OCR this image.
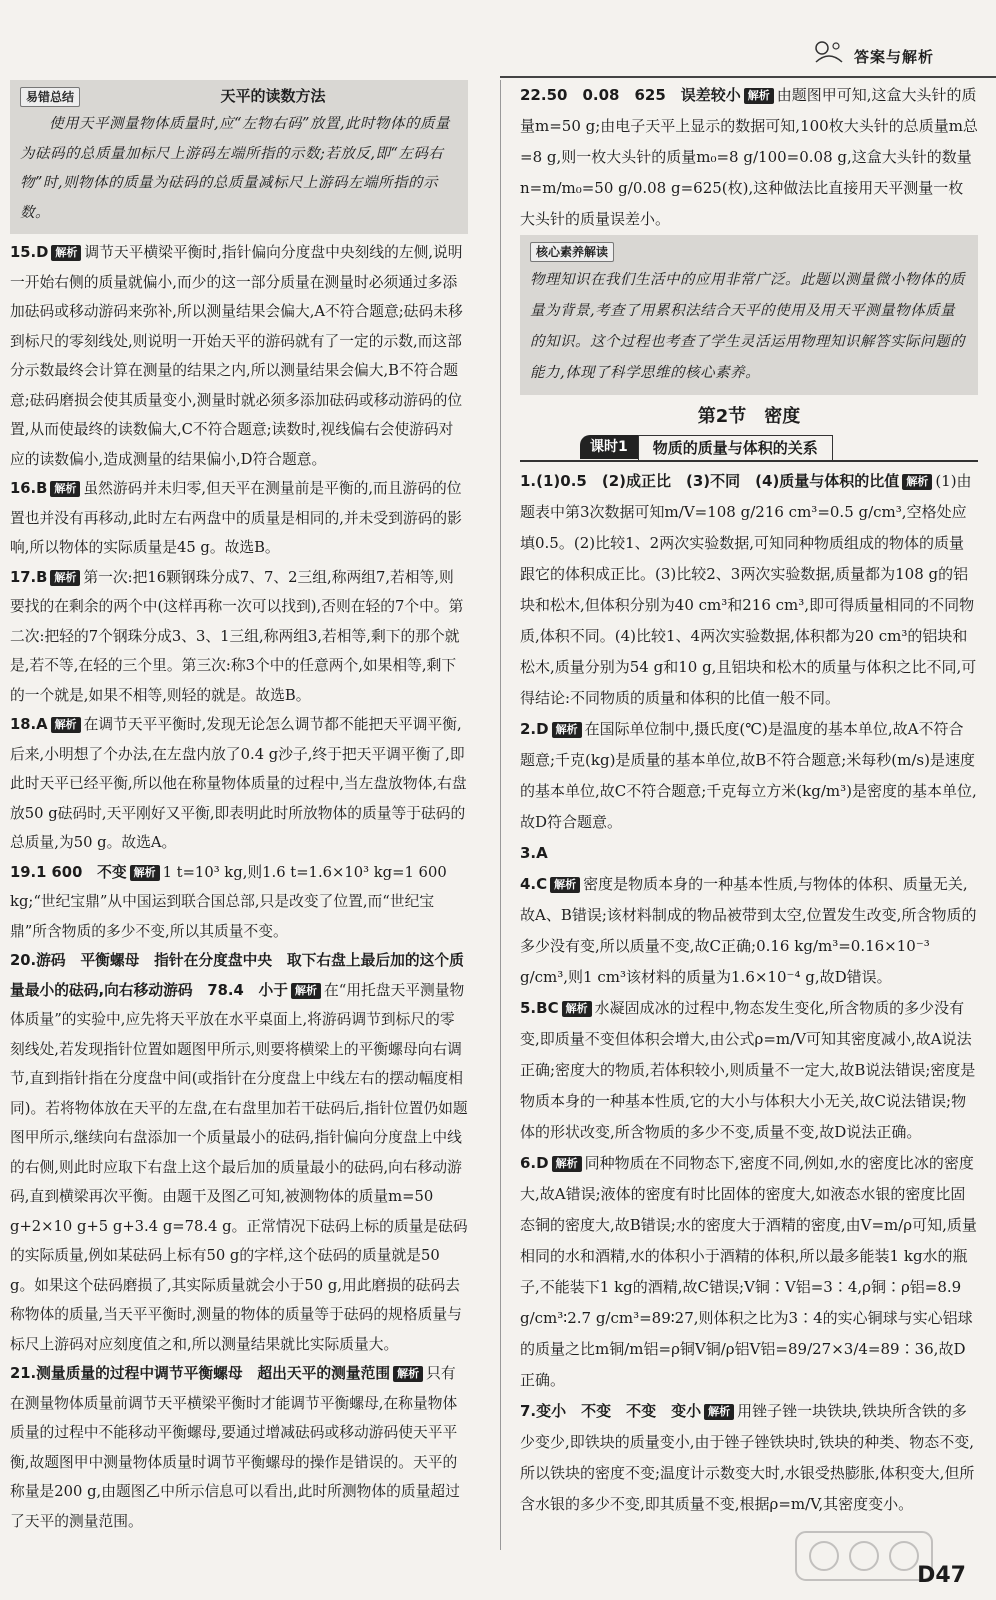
答案与解析
易错总结	天平的读数方法
使用天平测量物体质量时,应“左物右码”放置,此时物体的质量为砝码的总质量加标尺上游码左端所指的示数;若放反,即“左码右物”时,则物体的质量为砝码的总质量减标尺上游码左端所指的示数。

15.D 解析 调节天平横梁平衡时,指针偏向分度盘中央刻线的左侧,说明一开始右侧的质量就偏小,而少的这一部分质量在测量时必须通过多添加砝码或移动游码来弥补,所以测量结果会偏大,A不符合题意;砝码未移到标尺的零刻线处,则说明一开始天平的游码就有了一定的示数,而这部分示数最终会计算在测量的结果之内,所以测量结果会偏大,B不符合题意;砝码磨损会使其质量变小,测量时就必须多添加砝码或移动游码的位置,从而使最终的读数偏大,C不符合题意;读数时,视线偏右会使游码对应的读数偏小,造成测量的结果偏小,D符合题意。

16.B 解析 虽然游码并未归零,但天平在测量前是平衡的,而且游码的位置也并没有再移动,此时左右两盘中的质量是相同的,并未受到游码的影响,所以物体的实际质量是45 g。故选B。

17.B 解析 第一次:把16颗钢珠分成7、7、2三组,称两组7,若相等,则要找的在剩余的两个中(这样再称一次可以找到),否则在轻的7个中。第二次:把轻的7个钢珠分成3、3、1三组,称两组3,若相等,剩下的那个就是,若不等,在轻的三个里。第三次:称3个中的任意两个,如果相等,剩下的一个就是,如果不相等,则轻的就是。故选B。

18.A 解析 在调节天平平衡时,发现无论怎么调节都不能把天平调平衡,后来,小明想了个办法,在左盘内放了0.4 g沙子,终于把天平调平衡了,即此时天平已经平衡,所以他在称量物体质量的过程中,当左盘放物体,右盘放50 g砝码时,天平刚好又平衡,即表明此时所放物体的质量等于砝码的总质量,为50 g。故选A。

19.1 600　不变 解析 1 t=10³ kg,则1.6 t=1.6×10³ kg=1 600 kg;“世纪宝鼎”从中国运到联合国总部,只是改变了位置,而“世纪宝鼎”所含物质的多少不变,所以其质量不变。

20.游码　平衡螺母　指针在分度盘中央　取下右盘上最后加的这个质量最小的砝码,向右移动游码　78.4　小于 解析 在“用托盘天平测量物体质量”的实验中,应先将天平放在水平桌面上,将游码调节到标尺的零刻线处,若发现指针位置如题图甲所示,则要将横梁上的平衡螺母向右调节,直到指针指在分度盘中间(或指针在分度盘上中线左右的摆动幅度相同)。若将物体放在天平的左盘,在右盘里加若干砝码后,指针位置仍如题图甲所示,继续向右盘添加一个质量最小的砝码,指针偏向分度盘上中线的右侧,则此时应取下右盘上这个最后加的质量最小的砝码,向右移动游码,直到横梁再次平衡。由题干及图乙可知,被测物体的质量m=50 g+2×10 g+5 g+3.4 g=78.4 g。正常情况下砝码上标的质量是砝码的实际质量,例如某砝码上标有50 g的字样,这个砝码的质量就是50 g。如果这个砝码磨损了,其实际质量就会小于50 g,用此磨损的砝码去称物体的质量,当天平平衡时,测量的物体的质量等于砝码的规格质量与标尺上游码对应刻度值之和,所以测量结果就比实际质量大。

21.测量质量的过程中调节平衡螺母　超出天平的测量范围 解析 只有在测量物体质量前调节天平横梁平衡时才能调节平衡螺母,在称量物体质量的过程中不能移动平衡螺母,要通过增减砝码或移动游码使天平平衡,故题图甲中测量物体质量时调节平衡螺母的操作是错误的。天平的称量是200 g,由题图乙中所示信息可以看出,此时所测物体的质量超过了天平的测量范围。

22.50　0.08　625　误差较小 解析 由题图甲可知,这盒大头针的质量m=50 g;由电子天平上显示的数据可知,100枚大头针的总质量m总=8 g,则一枚大头针的质量m₀=8 g/100=0.08 g,这盒大头针的数量n=m/m₀=50 g/0.08 g=625(枚),这种做法比直接用天平测量一枚大头针的质量误差小。

核心素养解读
物理知识在我们生活中的应用非常广泛。此题以测量微小物体的质量为背景,考查了用累积法结合天平的使用及用天平测量物体质量的知识。这个过程也考查了学生灵活运用物理知识解答实际问题的能力,体现了科学思维的核心素养。
第2节　密度
课时1	物质的质量与体积的关系

1.(1)0.5　(2)成正比　(3)不同　(4)质量与体积的比值 解析 (1)由题表中第3次数据可知m/V=108 g/216 cm³=0.5 g/cm³,空格处应填0.5。(2)比较1、2两次实验数据,可知同种物质组成的物体的质量跟它的体积成正比。(3)比较2、3两次实验数据,质量都为108 g的铝块和松木,但体积分别为40 cm³和216 cm³,即可得质量相同的不同物质,体积不同。(4)比较1、4两次实验数据,体积都为20 cm³的铝块和松木,质量分别为54 g和10 g,且铝块和松木的质量与体积之比不同,可得结论:不同物质的质量和体积的比值一般不同。

2.D 解析 在国际单位制中,摄氏度(℃)是温度的基本单位,故A不符合题意;千克(kg)是质量的基本单位,故B不符合题意;米每秒(m/s)是速度的基本单位,故C不符合题意;千克每立方米(kg/m³)是密度的基本单位,故D符合题意。

3.A

4.C 解析 密度是物质本身的一种基本性质,与物体的体积、质量无关,故A、B错误;该材料制成的物品被带到太空,位置发生改变,所含物质的多少没有变,所以质量不变,故C正确;0.16 kg/m³=0.16×10⁻³ g/cm³,则1 cm³该材料的质量为1.6×10⁻⁴ g,故D错误。

5.BC 解析 水凝固成冰的过程中,物态发生变化,所含物质的多少没有变,即质量不变但体积会增大,由公式ρ=m/V可知其密度减小,故A说法正确;密度大的物质,若体积较小,则质量不一定大,故B说法错误;密度是物质本身的一种基本性质,它的大小与体积大小无关,故C说法错误;物体的形状改变,所含物质的多少不变,质量不变,故D说法正确。

6.D 解析 同种物质在不同物态下,密度不同,例如,水的密度比冰的密度大,故A错误;液体的密度有时比固体的密度大,如液态水银的密度比固态铜的密度大,故B错误;水的密度大于酒精的密度,由V=m/ρ可知,质量相同的水和酒精,水的体积小于酒精的体积,所以最多能装1 kg水的瓶子,不能装下1 kg的酒精,故C错误;V铜∶V铝=3∶4,ρ铜∶ρ铝=8.9 g/cm³∶2.7 g/cm³=89∶27,则体积之比为3∶4的实心铜球与实心铝球的质量之比m铜/m铝=ρ铜V铜/ρ铝V铝=89/27×3/4=89∶36,故D正确。

7.变小　不变　不变　变小 解析 用锉子锉一块铁块,铁块所含铁的多少变少,即铁块的质量变小,由于锉子锉铁块时,铁块的种类、物态不变,所以铁块的密度不变;温度计示数变大时,水银受热膨胀,体积变大,但所含水银的多少不变,即其质量不变,根据ρ=m/V,其密度变小。

D47
